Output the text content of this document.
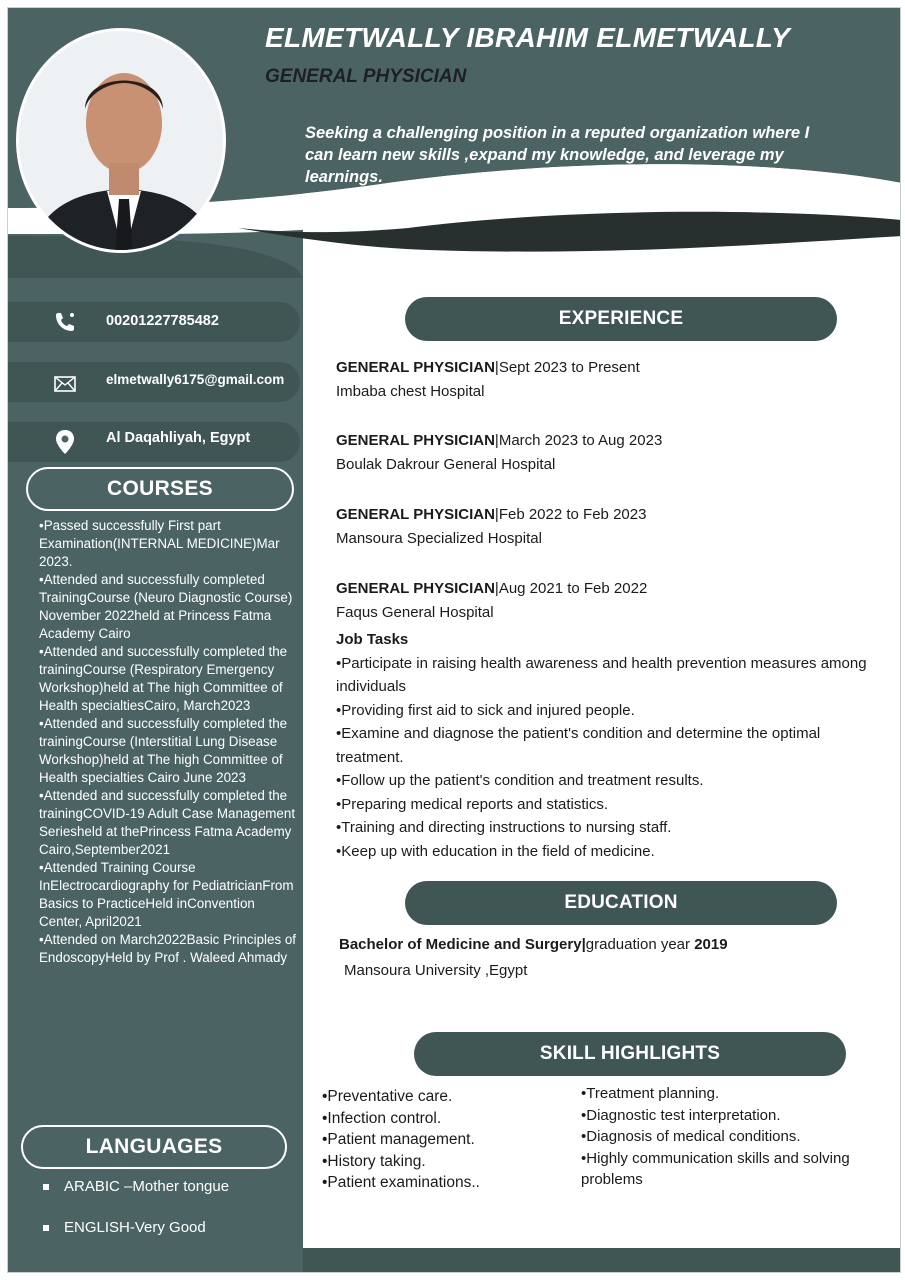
ELMETWALLY IBRAHIM ELMETWALLY
GENERAL PHYSICIAN
Seeking a challenging position in a reputed organization where I can learn new skills ,expand my knowledge, and leverage my learnings.
00201227785482
elmetwally6175@gmail.com
Al Daqahliyah, Egypt
COURSES
•Passed successfully First part Examination(INTERNAL MEDICINE)Mar 2023.
•Attended and successfully completed TrainingCourse (Neuro Diagnostic Course) November 2022held at Princess Fatma Academy Cairo
•Attended and successfully completed the trainingCourse (Respiratory Emergency Workshop)held at The high Committee of Health specialtiesCairo, March2023
•Attended and successfully completed the trainingCourse (Interstitial Lung Disease Workshop)held at The high Committee of Health specialties Cairo June 2023
•Attended and successfully completed the trainingCOVID-19 Adult Case Management Seriesheld at thePrincess Fatma Academy Cairo,September2021
•Attended Training Course InElectrocardiography for PediatricianFrom Basics to PracticeHeld inConvention Center, April2021
•Attended on March2022Basic Principles of EndoscopyHeld by Prof . Waleed Ahmady
LANGUAGES
ARABIC –Mother tongue
ENGLISH-Very Good
EXPERIENCE
GENERAL PHYSICIAN|Sept 2023 to Present
Imbaba chest Hospital
GENERAL PHYSICIAN|March 2023 to Aug 2023
Boulak Dakrour General Hospital
GENERAL PHYSICIAN|Feb 2022 to Feb 2023
Mansoura Specialized Hospital
GENERAL PHYSICIAN|Aug 2021 to Feb 2022
Faqus General Hospital
Job Tasks
•Participate in raising health awareness and health prevention measures among individuals
•Providing first aid to sick and injured people.
•Examine and diagnose the patient's condition and determine the optimal treatment.
•Follow up the patient's condition and treatment results.
•Preparing medical reports and statistics.
•Training and directing instructions to nursing staff.
•Keep up with education in the field of medicine.
EDUCATION
Bachelor of Medicine and Surgery|graduation year 2019
Mansoura University ,Egypt
SKILL HIGHLIGHTS
•Preventative care.
•Infection control.
•Patient management.
•History taking.
•Patient examinations..
•Treatment planning.
•Diagnostic test interpretation.
•Diagnosis of medical conditions.
•Highly communication skills and solving problems
